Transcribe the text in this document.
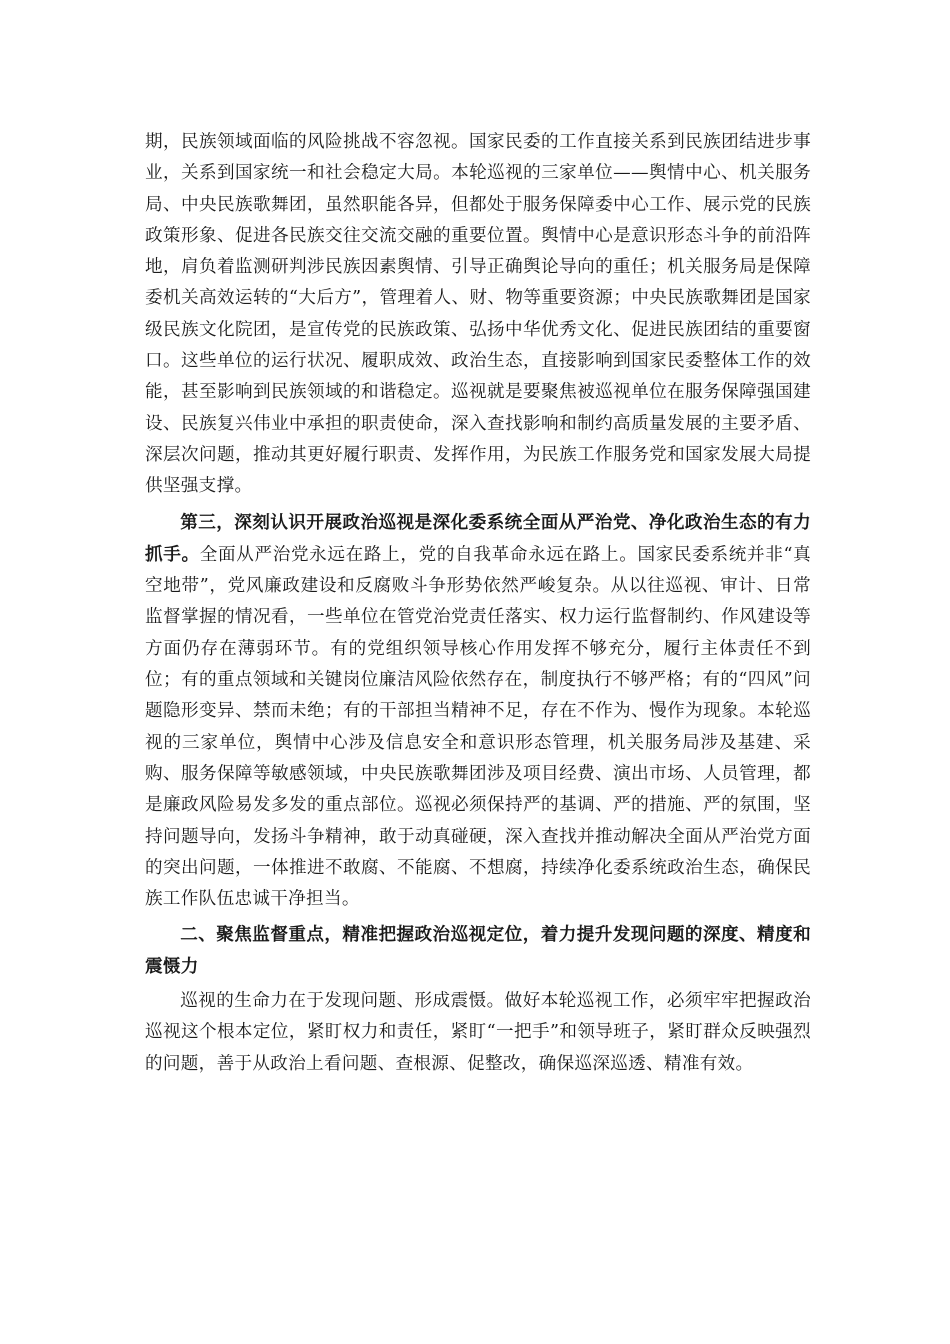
期，民族领域面临的风险挑战不容忽视。国家民委的工作直接关系到民族团结进步事业，关系到国家统一和社会稳定大局。本轮巡视的三家单位——舆情中心、机关服务局、中央民族歌舞团，虽然职能各异，但都处于服务保障委中心工作、展示党的民族政策形象、促进各民族交往交流交融的重要位置。舆情中心是意识形态斗争的前沿阵地，肩负着监测研判涉民族因素舆情、引导正确舆论导向的重任；机关服务局是保障委机关高效运转的“大后方”，管理着人、财、物等重要资源；中央民族歌舞团是国家级民族文化院团，是宣传党的民族政策、弘扬中华优秀文化、促进民族团结的重要窗口。这些单位的运行状况、履职成效、政治生态，直接影响到国家民委整体工作的效能，甚至影响到民族领域的和谐稳定。巡视就是要聚焦被巡视单位在服务保障强国建设、民族复兴伟业中承担的职责使命，深入查找影响和制约高质量发展的主要矛盾、深层次问题，推动其更好履行职责、发挥作用，为民族工作服务党和国家发展大局提供坚强支撑。

第三，深刻认识开展政治巡视是深化委系统全面从严治党、净化政治生态的有力抓手。全面从严治党永远在路上，党的自我革命永远在路上。国家民委系统并非“真空地带”，党风廉政建设和反腐败斗争形势依然严峻复杂。从以往巡视、审计、日常监督掌握的情况看，一些单位在管党治党责任落实、权力运行监督制约、作风建设等方面仍存在薄弱环节。有的党组织领导核心作用发挥不够充分，履行主体责任不到位；有的重点领域和关键岗位廉洁风险依然存在，制度执行不够严格；有的“四风”问题隐形变异、禁而未绝；有的干部担当精神不足，存在不作为、慢作为现象。本轮巡视的三家单位，舆情中心涉及信息安全和意识形态管理，机关服务局涉及基建、采购、服务保障等敏感领域，中央民族歌舞团涉及项目经费、演出市场、人员管理，都是廉政风险易发多发的重点部位。巡视必须保持严的基调、严的措施、严的氛围，坚持问题导向，发扬斗争精神，敢于动真碰硬，深入查找并推动解决全面从严治党方面的突出问题，一体推进不敢腐、不能腐、不想腐，持续净化委系统政治生态，确保民族工作队伍忠诚干净担当。

二、聚焦监督重点，精准把握政治巡视定位，着力提升发现问题的深度、精度和震慑力

巡视的生命力在于发现问题、形成震慑。做好本轮巡视工作，必须牢牢把握政治巡视这个根本定位，紧盯权力和责任，紧盯“一把手”和领导班子，紧盯群众反映强烈的问题，善于从政治上看问题、查根源、促整改，确保巡深巡透、精准有效。
